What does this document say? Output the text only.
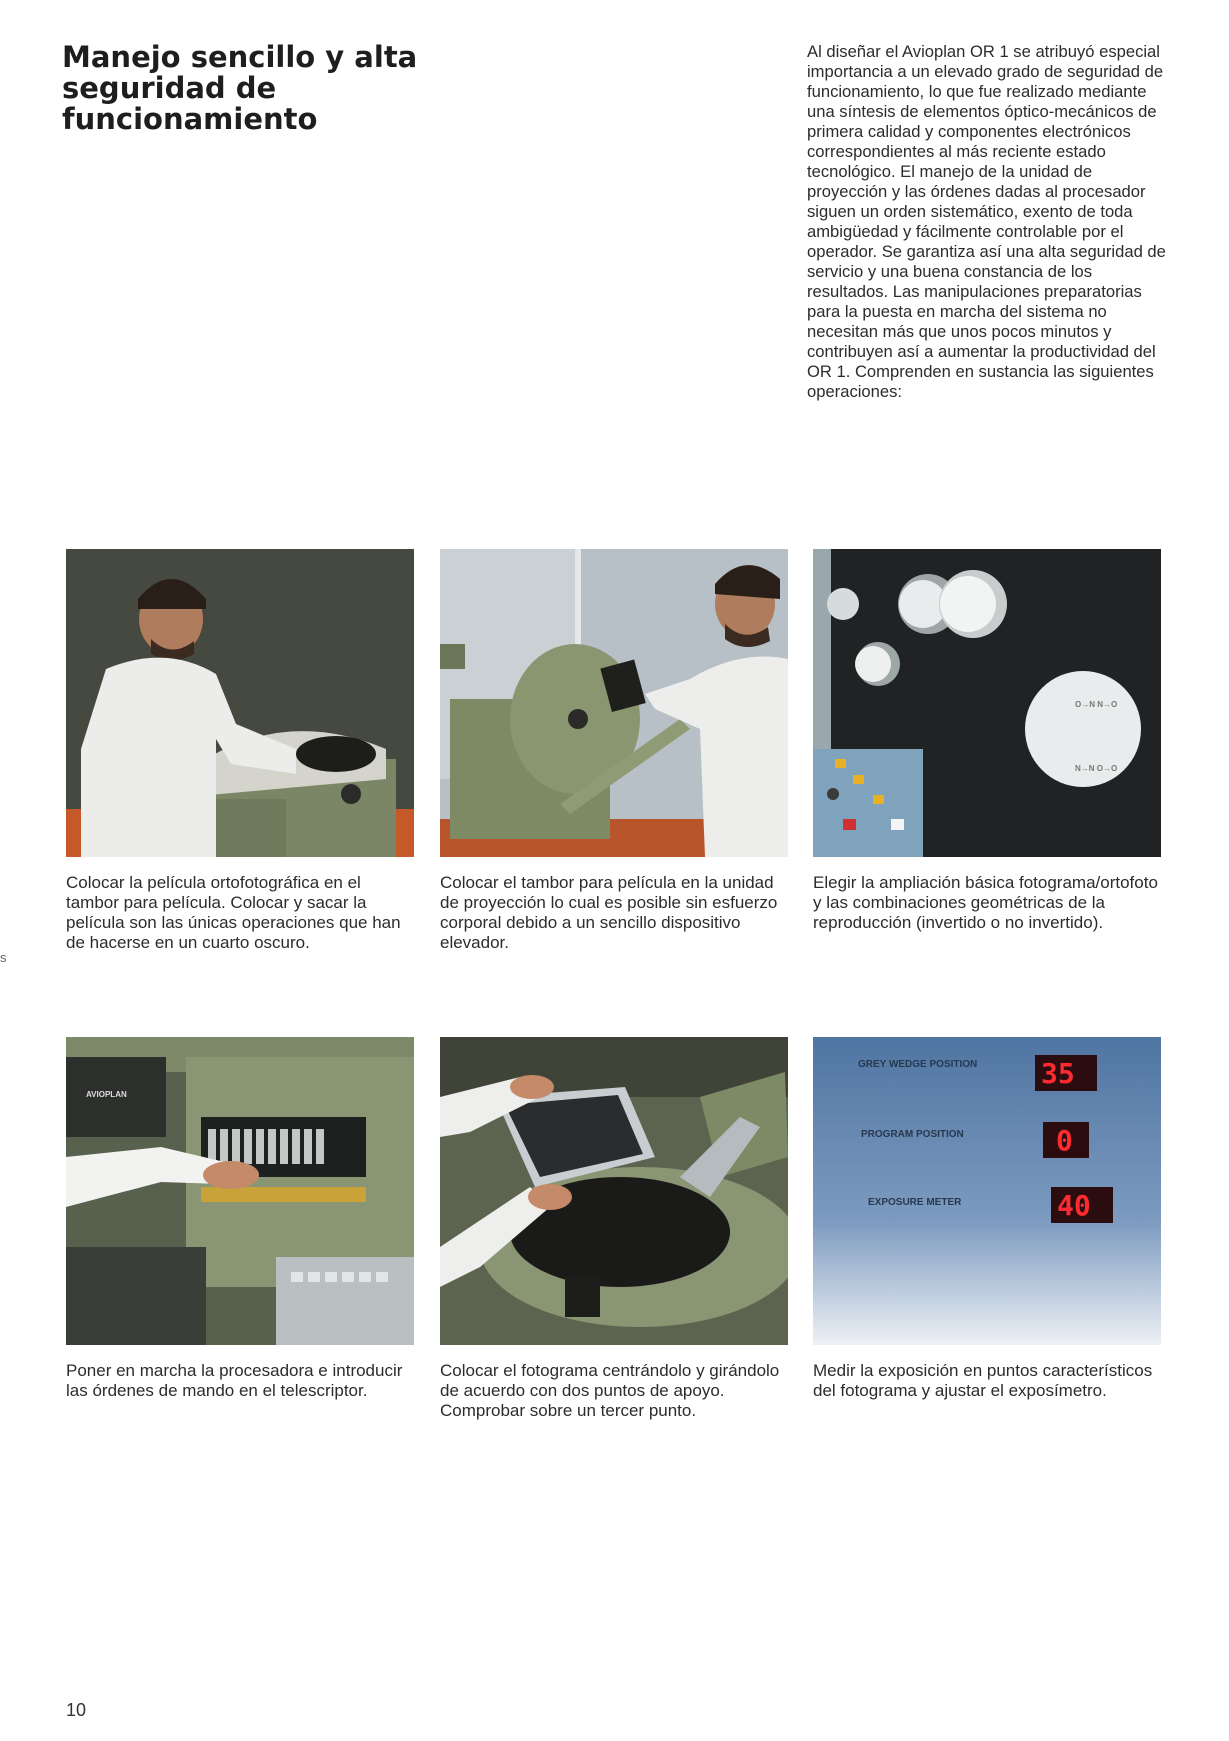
Manejo sencillo y alta seguridad de funcionamiento

Al diseñar el Avioplan OR 1 se atribuyó especial importancia a un elevado grado de seguridad de funcionamiento, lo que fue realizado mediante una síntesis de elementos óptico-mecánicos de primera calidad y componentes electrónicos correspondientes al más reciente estado tecnológico. El manejo de la unidad de proyección y las órdenes dadas al procesador siguen un orden sistemático, exento de toda ambigüedad y fácilmente controlable por el operador. Se garantiza así una alta seguridad de servicio y una buena constancia de los resultados. Las manipulaciones preparatorias para la puesta en marcha del sistema no necesitan más que unos pocos minutos y contribuyen así a aumentar la productividad del OR 1. Comprenden en sustancia las siguientes operaciones:

Colocar la película ortofotográfica en el tambor para película. Colocar y sacar la película son las únicas operaciones que han de hacerse en un cuarto oscuro.

Colocar el tambor para película en la unidad de proyección lo cual es posible sin esfuerzo corporal debido a un sencillo dispositivo elevador.

O→N N→O
N→N O→O

Elegir la ampliación básica fotograma/ortofoto y las combinaciones geométricas de la reproducción (invertido o no invertido).

AVIOPLAN

Poner en marcha la procesadora e introducir las órdenes de mando en el telescriptor.

Colocar el fotograma centrándolo y girándolo de acuerdo con dos puntos de apoyo. Comprobar sobre un tercer punto.

GREY WEDGE POSITION 35
PROGRAM POSITION	0
EXPOSURE METER	40

Medir la exposición en puntos característicos del fotograma y ajustar el exposímetro.

s
10
